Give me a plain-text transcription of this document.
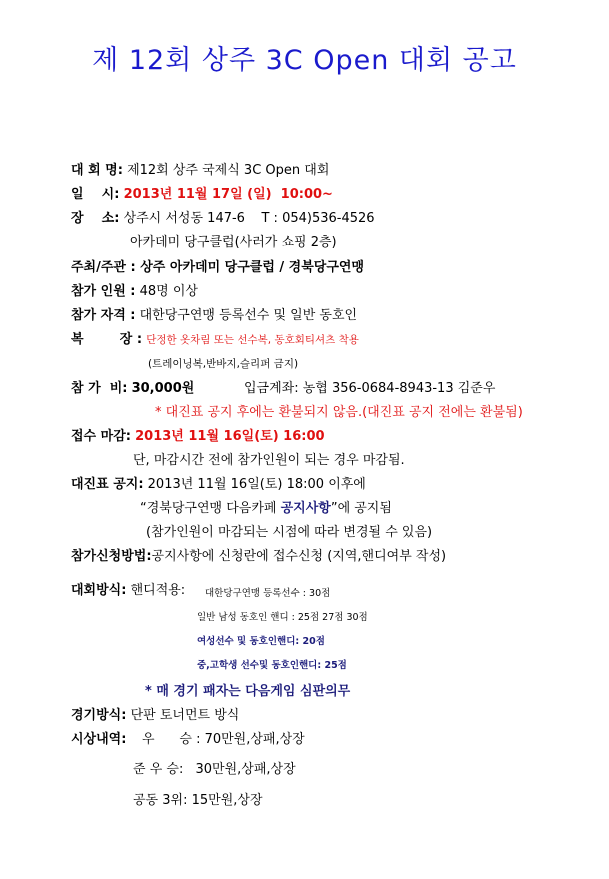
제 12회 상주 3C Open 대회 공고
대 회 명: 제12회 상주 국제식 3C Open 대회
일    시: 2013년 11월 17일 (일)  10:00~
장    소: 상주시 서성동 147-6    T : 054)536-4526
아카데미 당구클럽(사러가 쇼핑 2층)
주최/주관 : 상주 아카데미 당구클럽 / 경북당구연맹
참가 인원 : 48명 이상
참가 자격 : 대한당구연맹 등록선수 및 일반 동호인
복        장 : 단정한 옷차림 또는 선수복, 동호회티셔츠 착용
(트레이닝복,반바지,슬리퍼 금지)
참 가  비: 30,000원	입금계좌: 농협 356-0684-8943-13 김준우
* 대진표 공지 후에는 환불되지 않음.(대진표 공지 전에는 환불됨)
접수 마감: 2013년 11월 16일(토) 16:00
단, 마감시간 전에 참가인원이 되는 경우 마감됨.
대진표 공지: 2013년 11월 16일(토) 18:00 이후에
“경북당구연맹 다음카페 공지사항”에 공지됨
(참가인원이 마감되는 시점에 따라 변경될 수 있음)
참가신청방법:공지사항에 신청란에 접수신청 (지역,핸디여부 작성)
대회방식: 핸디적용: 대한당구연맹 등록선수 : 30점
일반 남성 동호인 핸디 : 25점 27점 30점
여성선수 및 동호인핸디: 20점
중,고학생 선수및 동호인핸디: 25점
* 매 경기 패자는 다음게임 심판의무
경기방식: 단판 토너먼트 방식
시상내역: 우      승 : 70만원,상패,상장
준 우 승: 30만원,상패,상장
공동 3위: 15만원,상장
